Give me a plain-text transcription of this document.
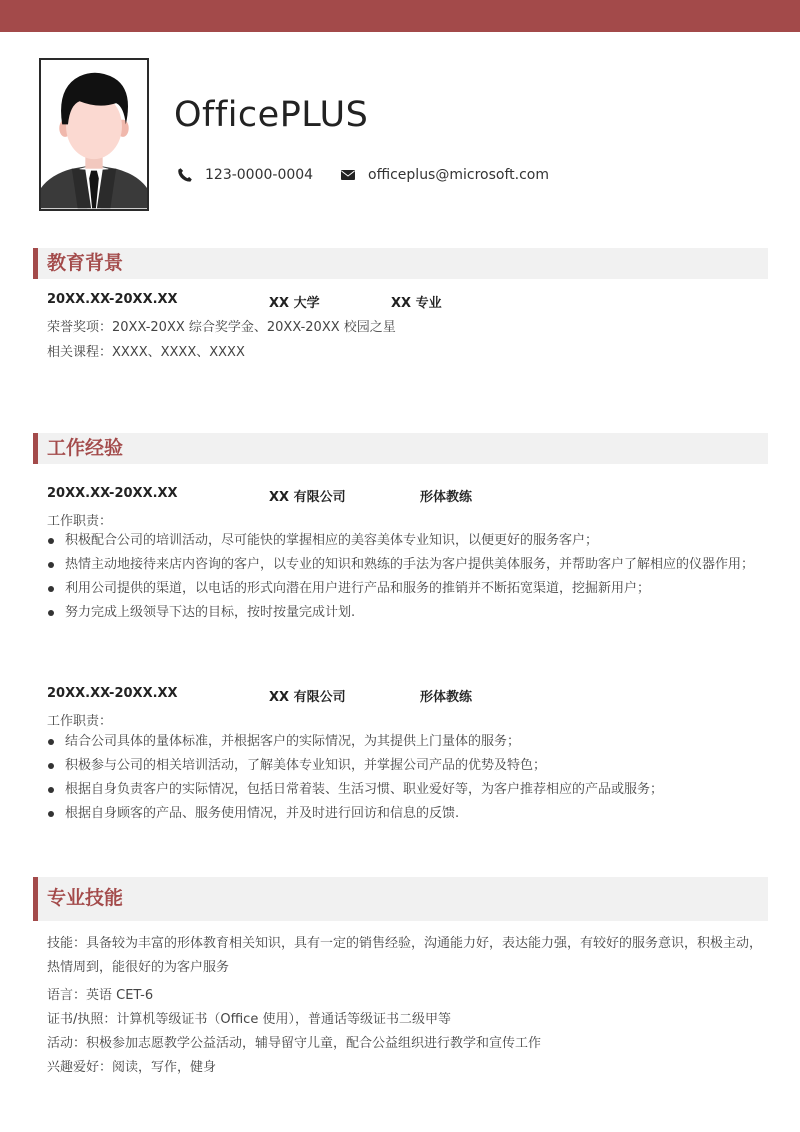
OfficePLUS
123-0000-0004	officeplus@microsoft.com
教育背景
20XX.XX-20XX.XX	XX 大学	XX 专业
荣誉奖项：20XX-20XX 综合奖学金、20XX-20XX 校园之星
相关课程：XXXX、XXXX、XXXX
工作经验
20XX.XX-20XX.XX	XX 有限公司	形体教练
工作职责：
积极配合公司的培训活动，尽可能快的掌握相应的美容美体专业知识，以便更好的服务客户；
热情主动地接待来店内咨询的客户，以专业的知识和熟练的手法为客户提供美体服务，并帮助客户了解相应的仪器作用；
利用公司提供的渠道，以电话的形式向潜在用户进行产品和服务的推销并不断拓宽渠道，挖掘新用户；
努力完成上级领导下达的目标，按时按量完成计划.
20XX.XX-20XX.XX	XX 有限公司	形体教练
工作职责：
结合公司具体的量体标准，并根据客户的实际情况，为其提供上门量体的服务；
积极参与公司的相关培训活动，了解美体专业知识，并掌握公司产品的优势及特色；
根据自身负责客户的实际情况，包括日常着装、生活习惯、职业爱好等，为客户推荐相应的产品或服务；
根据自身顾客的产品、服务使用情况，并及时进行回访和信息的反馈.
专业技能
技能：具备较为丰富的形体教育相关知识，具有一定的销售经验，沟通能力好，表达能力强，有较好的服务意识，积极主动，热情周到，能很好的为客户服务
语言：英语 CET-6
证书/执照：计算机等级证书（Office 使用），普通话等级证书二级甲等
活动：积极参加志愿教学公益活动，辅导留守儿童，配合公益组织进行教学和宣传工作
兴趣爱好：阅读，写作，健身
